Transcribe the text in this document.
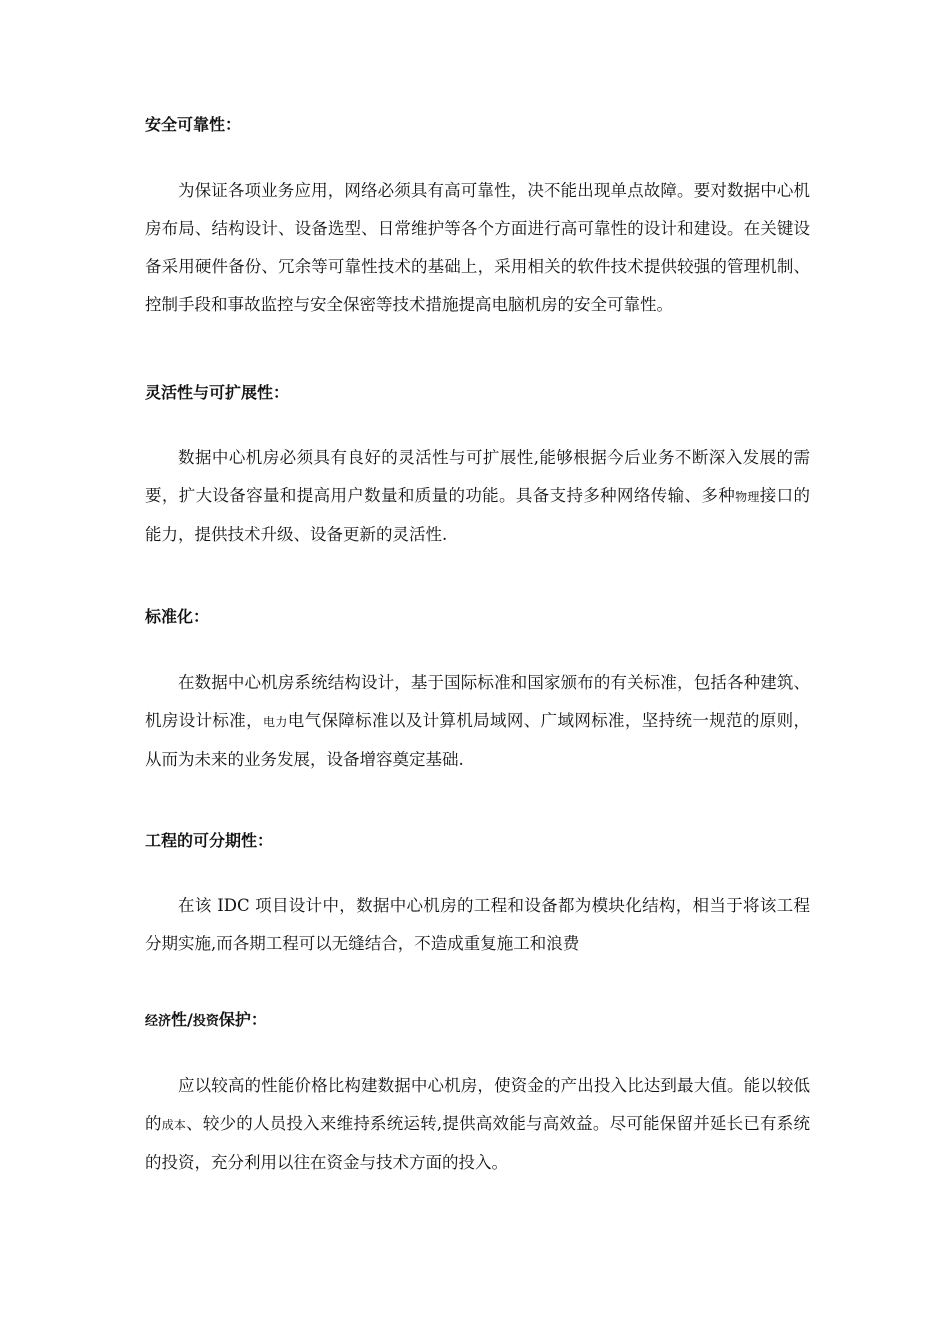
安全可靠性：

为保证各项业务应用，网络必须具有高可靠性，决不能出现单点故障。要对数据中心机房布局、结构设计、设备选型、日常维护等各个方面进行高可靠性的设计和建设。在关键设备采用硬件备份、冗余等可靠性技术的基础上，采用相关的软件技术提供较强的管理机制、控制手段和事故监控与安全保密等技术措施提高电脑机房的安全可靠性。

灵活性与可扩展性：

数据中心机房必须具有良好的灵活性与可扩展性,能够根据今后业务不断深入发展的需要，扩大设备容量和提高用户数量和质量的功能。具备支持多种网络传输、多种物理接口的能力，提供技术升级、设备更新的灵活性.

标准化：

在数据中心机房系统结构设计，基于国际标准和国家颁布的有关标准，包括各种建筑、机房设计标准，电力电气保障标准以及计算机局域网、广域网标准，坚持统一规范的原则，从而为未来的业务发展，设备增容奠定基础.

工程的可分期性：

在该 IDC 项目设计中，数据中心机房的工程和设备都为模块化结构，相当于将该工程分期实施,而各期工程可以无缝结合，不造成重复施工和浪费

经济性/投资保护：

应以较高的性能价格比构建数据中心机房，使资金的产出投入比达到最大值。能以较低的成本、较少的人员投入来维持系统运转,提供高效能与高效益。尽可能保留并延长已有系统的投资，充分利用以往在资金与技术方面的投入。
